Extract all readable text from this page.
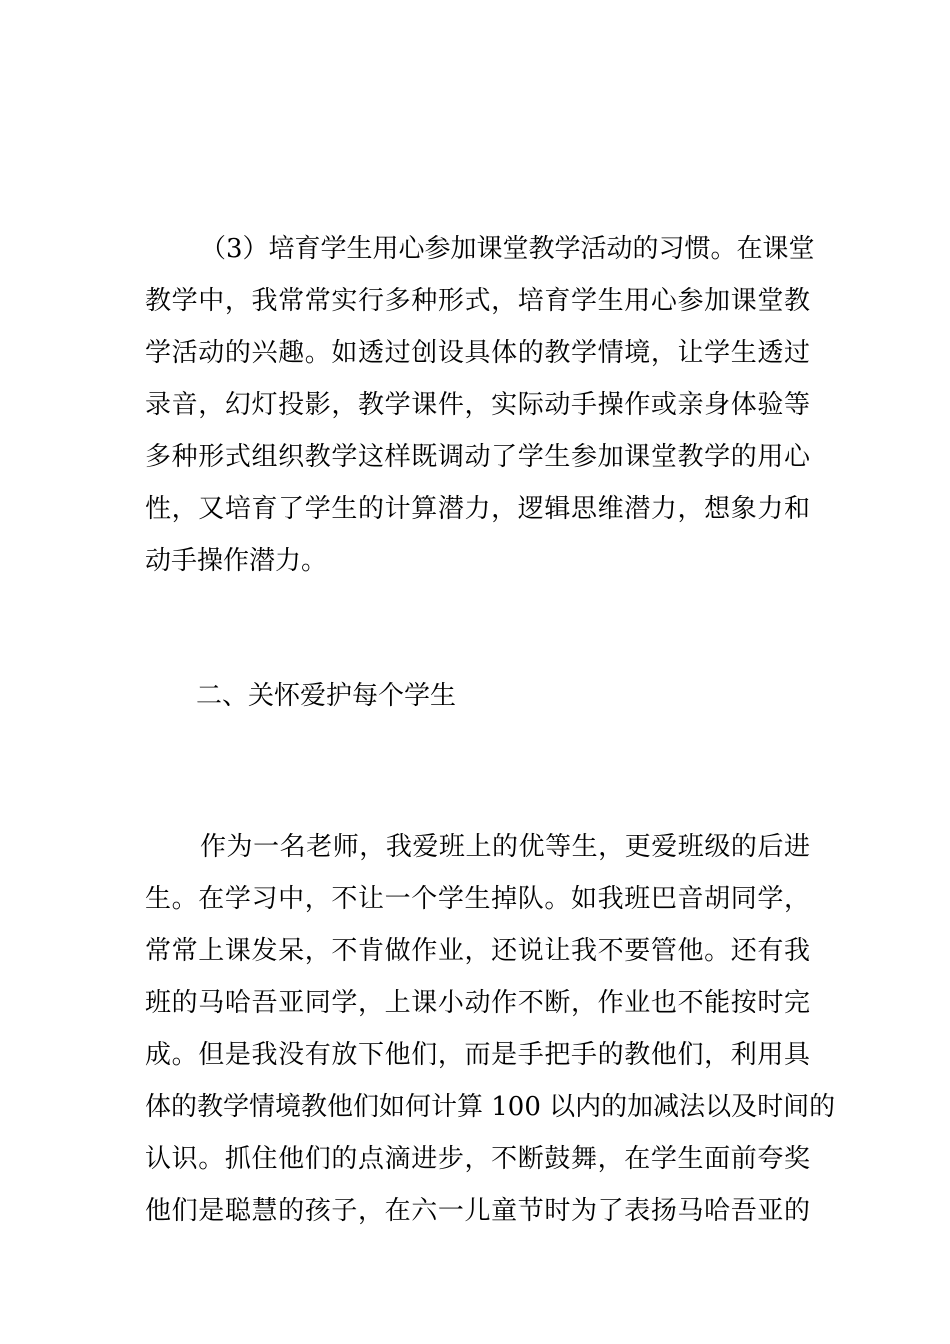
（3）培育学生用心参加课堂教学活动的习惯。在课堂
教学中，我常常实行多种形式，培育学生用心参加课堂教
学活动的兴趣。如透过创设具体的教学情境，让学生透过
录音，幻灯投影，教学课件，实际动手操作或亲身体验等
多种形式组织教学这样既调动了学生参加课堂教学的用心
性，又培育了学生的计算潜力，逻辑思维潜力，想象力和
动手操作潜力。
二、关怀爱护每个学生
作为一名老师，我爱班上的优等生，更爱班级的后进
生。在学习中，不让一个学生掉队。如我班巴音胡同学，
常常上课发呆，不肯做作业，还说让我不要管他。还有我
班的马哈吾亚同学，上课小动作不断，作业也不能按时完
成。但是我没有放下他们，而是手把手的教他们，利用具
体的教学情境教他们如何计算 100 以内的加减法以及时间的
认识。抓住他们的点滴进步，不断鼓舞，在学生面前夸奖
他们是聪慧的孩子，在六一儿童节时为了表扬马哈吾亚的
